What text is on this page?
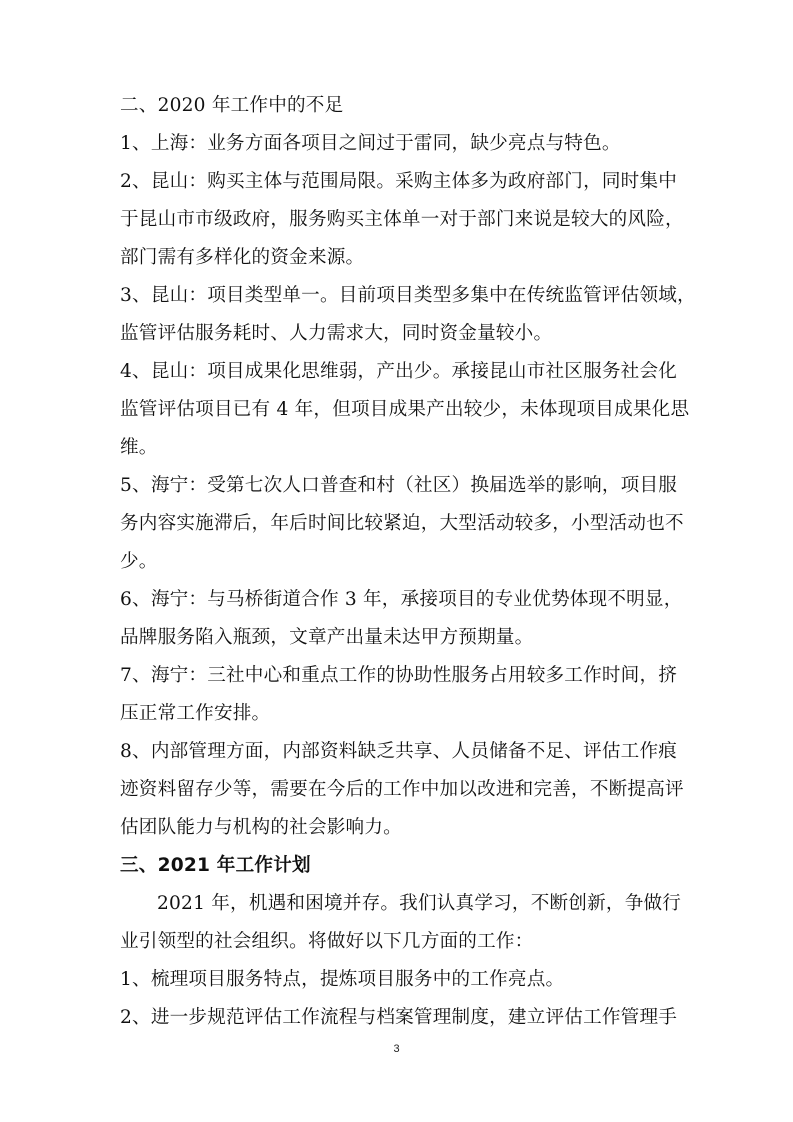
二、2020 年工作中的不足
1、上海：业务方面各项目之间过于雷同，缺少亮点与特色。
2、昆山：购买主体与范围局限。采购主体多为政府部门，同时集中
于昆山市市级政府，服务购买主体单一对于部门来说是较大的风险，
部门需有多样化的资金来源。
3、昆山：项目类型单一。目前项目类型多集中在传统监管评估领域，
监管评估服务耗时、人力需求大，同时资金量较小。
4、昆山：项目成果化思维弱，产出少。承接昆山市社区服务社会化
监管评估项目已有 4 年，但项目成果产出较少，未体现项目成果化思
维。
5、海宁：受第七次人口普查和村（社区）换届选举的影响，项目服
务内容实施滞后，年后时间比较紧迫，大型活动较多，小型活动也不
少。
6、海宁：与马桥街道合作 3 年，承接项目的专业优势体现不明显，
品牌服务陷入瓶颈，文章产出量未达甲方预期量。
7、海宁：三社中心和重点工作的协助性服务占用较多工作时间，挤
压正常工作安排。
8、内部管理方面，内部资料缺乏共享、人员储备不足、评估工作痕
迹资料留存少等，需要在今后的工作中加以改进和完善，不断提高评
估团队能力与机构的社会影响力。
三、2021 年工作计划
2021 年，机遇和困境并存。我们认真学习，不断创新，争做行
业引领型的社会组织。将做好以下几方面的工作：
1、梳理项目服务特点，提炼项目服务中的工作亮点。
2、进一步规范评估工作流程与档案管理制度，建立评估工作管理手
3
